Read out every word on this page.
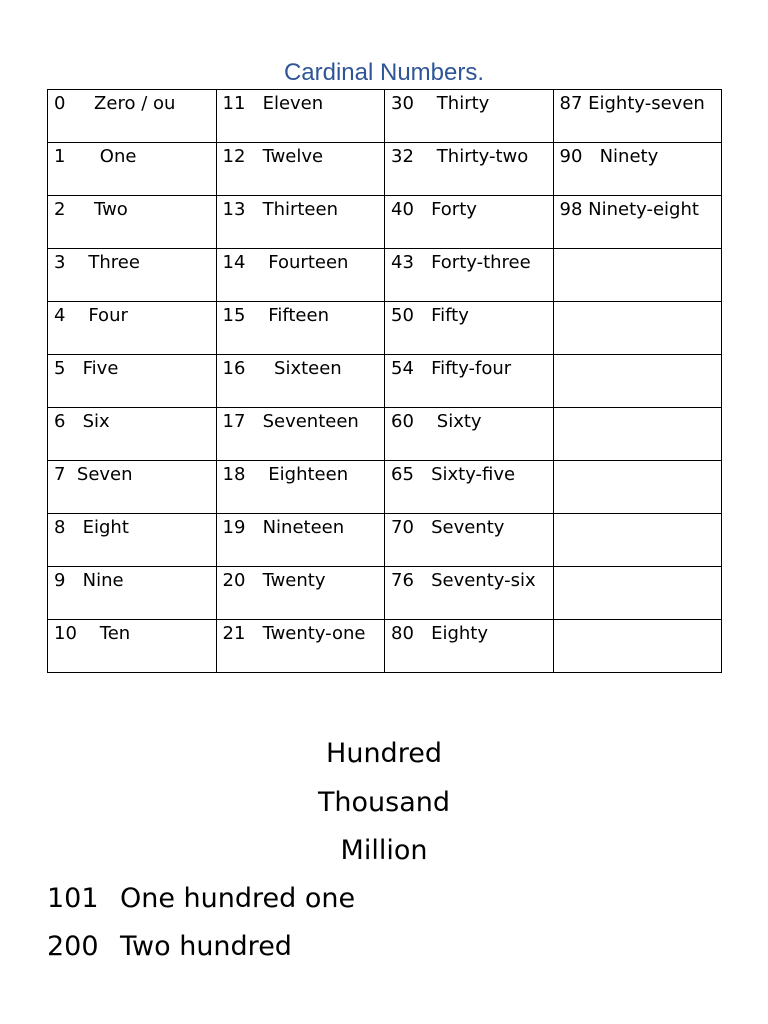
Cardinal Numbers.
0     Zero / ou	11   Eleven	30    Thirty	87 Eighty-seven

1      One	12   Twelve	32    Thirty-two	90   Ninety

2     Two	13   Thirteen	40   Forty	98 Ninety-eight

3    Three	14    Fourteen	43   Forty-three	

4    Four	15    Fifteen	50   Fifty	

5   Five	16     Sixteen	54   Fifty-four	

6   Six	17   Seventeen	60    Sixty	

7  Seven	18    Eighteen	65   Sixty-five	

8   Eight	19   Nineteen	70   Seventy	

9   Nine	20   Twenty	76   Seventy-six	

10    Ten	21   Twenty-one	80   Eighty	

Hundred
Thousand
Million
101 One hundred one
200 Two hundred
